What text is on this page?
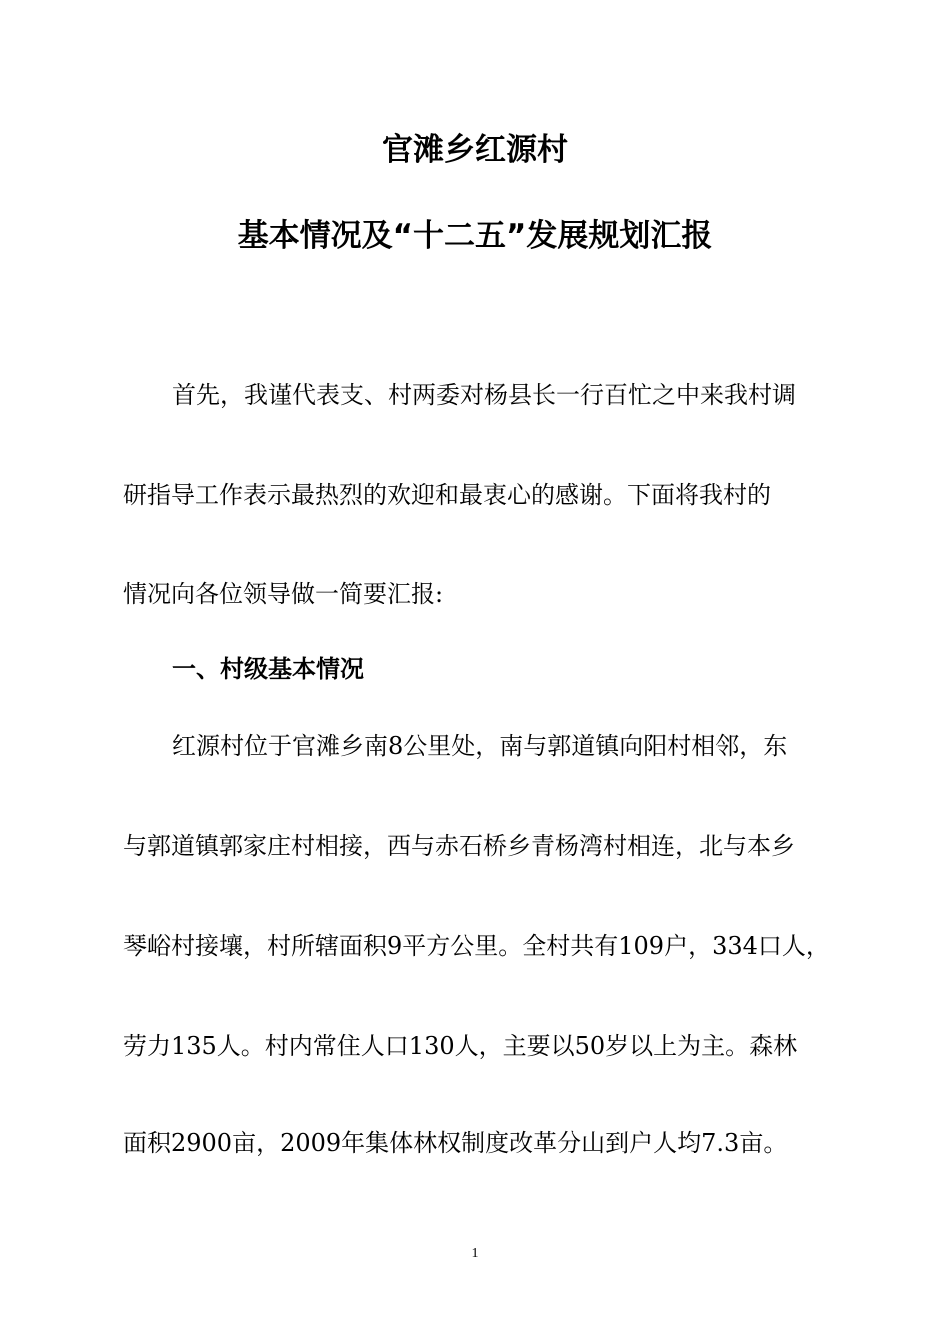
官滩乡红源村
基本情况及“十二五”发展规划汇报
首先，我谨代表支、村两委对杨县长一行百忙之中来我村调
研指导工作表示最热烈的欢迎和最衷心的感谢。下面将我村的
情况向各位领导做一简要汇报:
一、村级基本情况
红源村位于官滩乡南8公里处，南与郭道镇向阳村相邻，东
与郭道镇郭家庄村相接，西与赤石桥乡青杨湾村相连，北与本乡
琴峪村接壤，村所辖面积9平方公里。全村共有109户，334口人，
劳力135人。村内常住人口130人，主要以50岁以上为主。森林
面积2900亩，2009年集体林权制度改革分山到户人均7.3亩。
1
